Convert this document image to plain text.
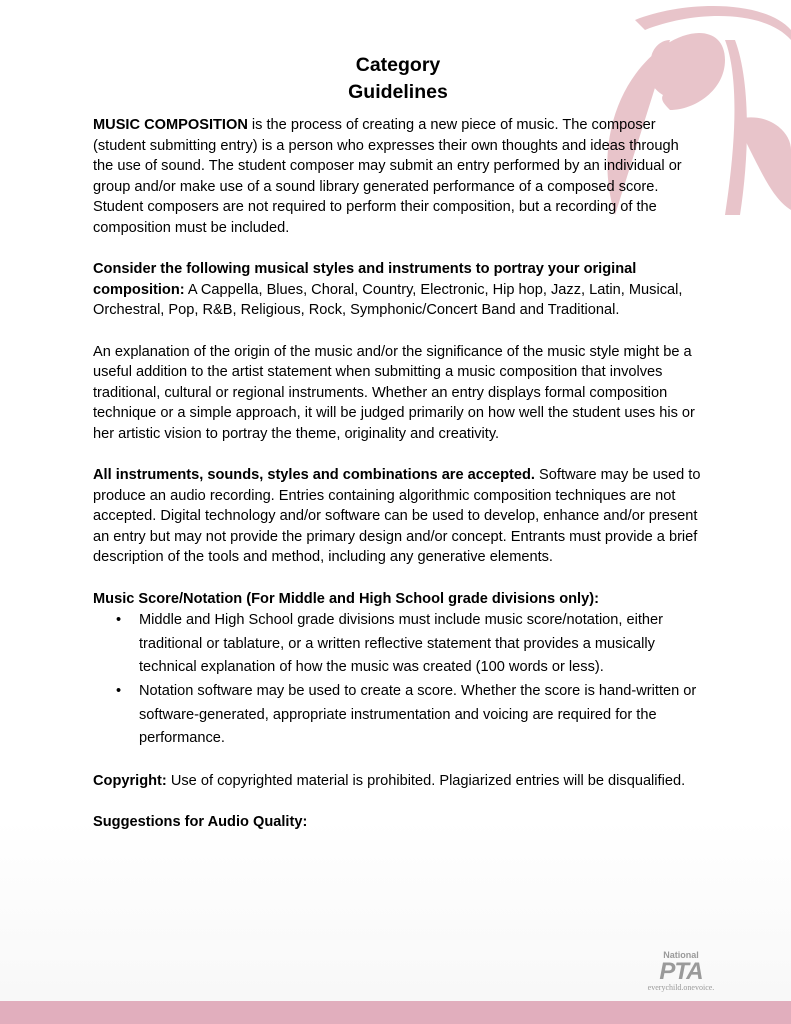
Category
Guidelines

MUSIC COMPOSITION is the process of creating a new piece of music. The composer (student submitting entry) is a person who expresses their own thoughts and ideas through the use of sound. The student composer may submit an entry performed by an individual or group and/or make use of a sound library generated performance of a composed score. Student composers are not required to perform their composition, but a recording of the composition must be included.

Consider the following musical styles and instruments to portray your original composition: A Cappella, Blues, Choral, Country, Electronic, Hip hop, Jazz, Latin, Musical, Orchestral, Pop, R&B, Religious, Rock, Symphonic/Concert Band and Traditional.

An explanation of the origin of the music and/or the significance of the music style might be a useful addition to the artist statement when submitting a music composition that involves traditional, cultural or regional instruments. Whether an entry displays formal composition technique or a simple approach, it will be judged primarily on how well the student uses his or her artistic vision to portray the theme, originality and creativity.

All instruments, sounds, styles and combinations are accepted. Software may be used to produce an audio recording. Entries containing algorithmic composition techniques are not accepted. Digital technology and/or software can be used to develop, enhance and/or present an entry but may not provide the primary design and/or concept. Entrants must provide a brief description of the tools and method, including any generative elements.

Music Score/Notation (For Middle and High School grade divisions only):
• Middle and High School grade divisions must include music score/notation, either traditional or tablature, or a written reflective statement that provides a musically technical explanation of how the music was created (100 words or less).
• Notation software may be used to create a score. Whether the score is hand-written or software-generated, appropriate instrumentation and voicing are required for the performance.

Copyright: Use of copyrighted material is prohibited. Plagiarized entries will be disqualified.

Suggestions for Audio Quality:
National
PTA
everychild.onevoice.
